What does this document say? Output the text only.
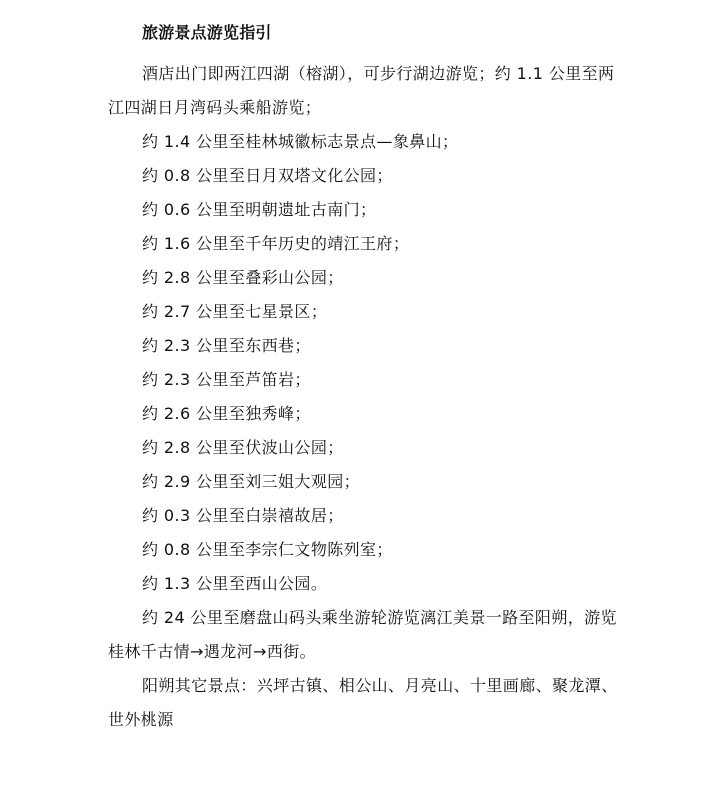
旅游景点游览指引

酒店出门即两江四湖（榕湖），可步行湖边游览；约 1.1 公里至两江四湖日月湾码头乘船游览；

约 1.4 公里至桂林城徽标志景点—象鼻山；

约 0.8 公里至日月双塔文化公园；

约 0.6 公里至明朝遗址古南门；

约 1.6 公里至千年历史的靖江王府；

约 2.8 公里至叠彩山公园；

约 2.7 公里至七星景区；

约 2.3 公里至东西巷；

约 2.3 公里至芦笛岩；

约 2.6 公里至独秀峰；

约 2.8 公里至伏波山公园；

约 2.9 公里至刘三姐大观园；

约 0.3 公里至白崇禧故居；

约 0.8 公里至李宗仁文物陈列室；

约 1.3 公里至西山公园。

约 24 公里至磨盘山码头乘坐游轮游览漓江美景一路至阳朔，游览桂林千古情→遇龙河→西街。

阳朔其它景点：兴坪古镇、相公山、月亮山、十里画廊、聚龙潭、世外桃源
